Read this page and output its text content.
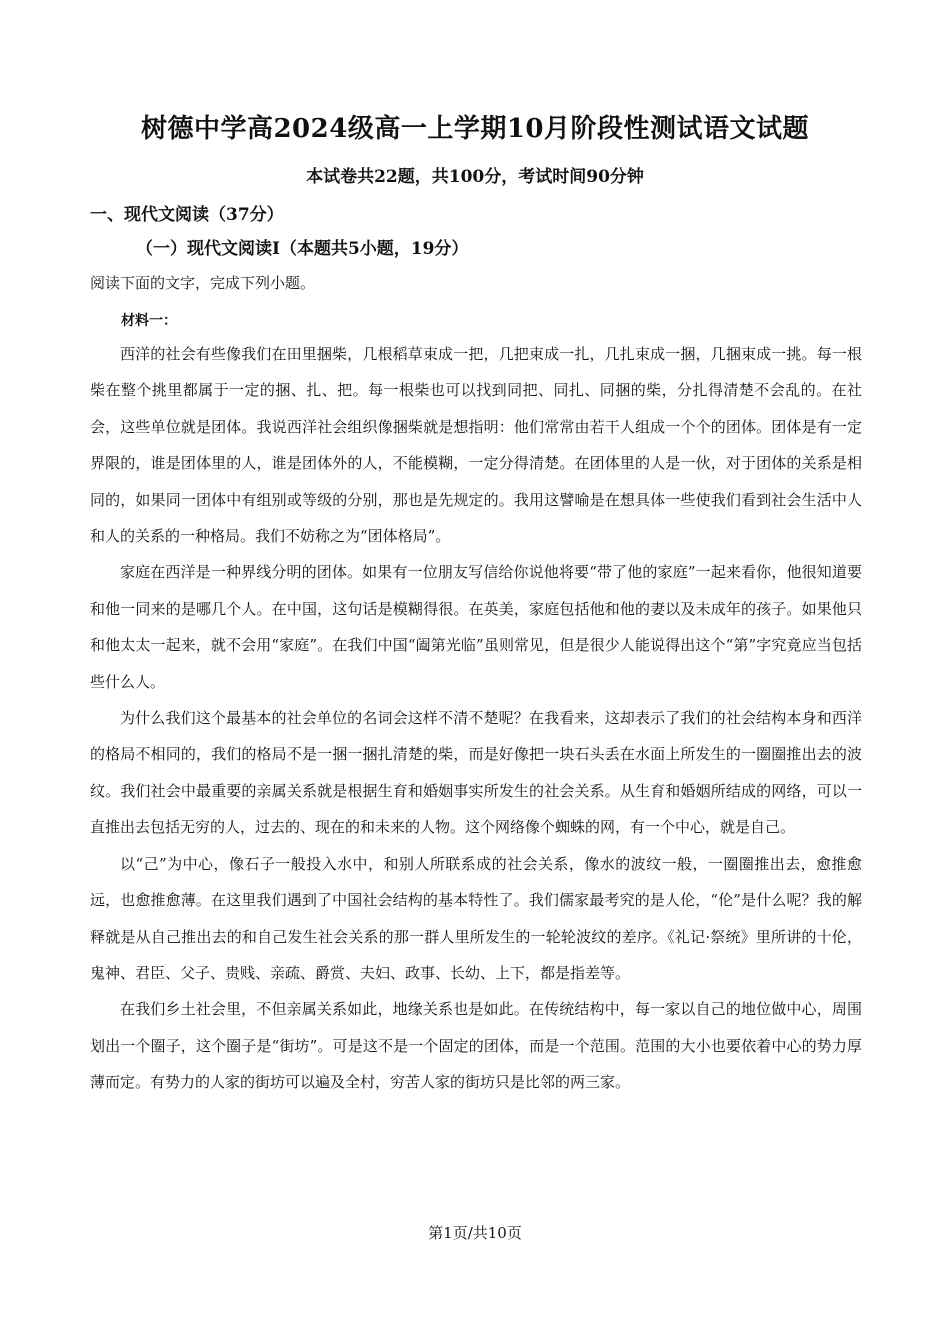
树德中学高2024级高一上学期10月阶段性测试语文试题
本试卷共22题，共100分，考试时间90分钟
一、现代文阅读（37分）
（一）现代文阅读Ⅰ（本题共5小题，19分）
阅读下面的文字，完成下列小题。
材料一：

西洋的社会有些像我们在田里捆柴，几根稻草束成一把，几把束成一扎，几扎束成一捆，几捆束成一挑。每一根柴在整个挑里都属于一定的捆、扎、把。每一根柴也可以找到同把、同扎、同捆的柴，分扎得清楚不会乱的。在社会，这些单位就是团体。我说西洋社会组织像捆柴就是想指明：他们常常由若干人组成一个个的团体。团体是有一定界限的，谁是团体里的人，谁是团体外的人，不能模糊，一定分得清楚。在团体里的人是一伙，对于团体的关系是相同的，如果同一团体中有组别或等级的分别，那也是先规定的。我用这譬喻是在想具体一些使我们看到社会生活中人和人的关系的一种格局。我们不妨称之为“团体格局”。

家庭在西洋是一种界线分明的团体。如果有一位朋友写信给你说他将要“带了他的家庭”一起来看你，他很知道要和他一同来的是哪几个人。在中国，这句话是模糊得很。在英美，家庭包括他和他的妻以及未成年的孩子。如果他只和他太太一起来，就不会用“家庭”。在我们中国“阖第光临”虽则常见，但是很少人能说得出这个“第”字究竟应当包括些什么人。

为什么我们这个最基本的社会单位的名词会这样不清不楚呢？在我看来，这却表示了我们的社会结构本身和西洋的格局不相同的，我们的格局不是一捆一捆扎清楚的柴，而是好像把一块石头丢在水面上所发生的一圈圈推出去的波纹。我们社会中最重要的亲属关系就是根据生育和婚姻事实所发生的社会关系。从生育和婚姻所结成的网络，可以一直推出去包括无穷的人，过去的、现在的和未来的人物。这个网络像个蜘蛛的网，有一个中心，就是自己。

以“己”为中心，像石子一般投入水中，和别人所联系成的社会关系，像水的波纹一般，一圈圈推出去，愈推愈远，也愈推愈薄。在这里我们遇到了中国社会结构的基本特性了。我们儒家最考究的是人伦，“伦”是什么呢？我的解释就是从自己推出去的和自己发生社会关系的那一群人里所发生的一轮轮波纹的差序。《礼记·祭统》里所讲的十伦，鬼神、君臣、父子、贵贱、亲疏、爵赏、夫妇、政事、长幼、上下，都是指差等。

在我们乡土社会里，不但亲属关系如此，地缘关系也是如此。在传统结构中，每一家以自己的地位做中心，周围划出一个圈子，这个圈子是“街坊”。可是这不是一个固定的团体，而是一个范围。范围的大小也要依着中心的势力厚薄而定。有势力的人家的街坊可以遍及全村，穷苦人家的街坊只是比邻的两三家。

第1页/共10页
